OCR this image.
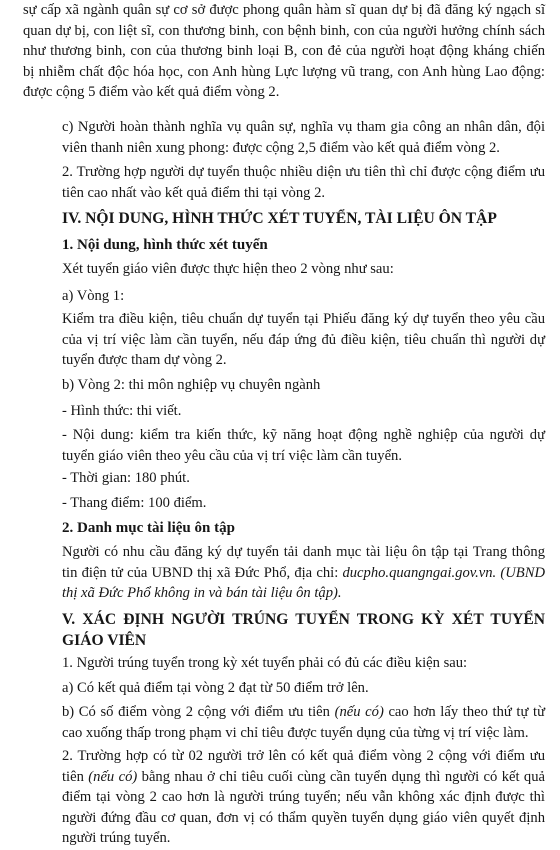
sự cấp xã ngành quân sự cơ sở được phong quân hàm sĩ quan dự bị đã đăng ký ngạch sĩ quan dự bị, con liệt sĩ, con thương binh, con bệnh binh, con của người hưởng chính sách như thương binh, con của thương binh loại B, con đẻ của người hoạt động kháng chiến bị nhiễm chất độc hóa học, con Anh hùng Lực lượng vũ trang, con Anh hùng Lao động: được cộng 5 điểm vào kết quả điểm vòng 2.

c) Người hoàn thành nghĩa vụ quân sự, nghĩa vụ tham gia công an nhân dân, đội viên thanh niên xung phong: được cộng 2,5 điểm vào kết quả điểm vòng 2.

2. Trường hợp người dự tuyển thuộc nhiều diện ưu tiên thì chỉ được cộng điểm ưu tiên cao nhất vào kết quả điểm thi tại vòng 2.

IV. NỘI DUNG, HÌNH THỨC XÉT TUYỂN, TÀI LIỆU ÔN TẬP

1. Nội dung, hình thức xét tuyển

Xét tuyển giáo viên được thực hiện theo 2 vòng như sau:

a) Vòng 1:

Kiểm tra điều kiện, tiêu chuẩn dự tuyển tại Phiếu đăng ký dự tuyển theo yêu cầu của vị trí việc làm cần tuyển, nếu đáp ứng đủ điều kiện, tiêu chuẩn thì người dự tuyển được tham dự vòng 2.

b) Vòng 2: thi môn nghiệp vụ chuyên ngành

- Hình thức: thi viết.

- Nội dung: kiểm tra kiến thức, kỹ năng hoạt động nghề nghiệp của người dự tuyển giáo viên theo yêu cầu của vị trí việc làm cần tuyển.

- Thời gian: 180 phút.

- Thang điểm: 100 điểm.

2. Danh mục tài liệu ôn tập

Người có nhu cầu đăng ký dự tuyển tải danh mục tài liệu ôn tập tại Trang thông tin điện tử của UBND thị xã Đức Phổ, địa chỉ: ducpho.quangngai.gov.vn. (UBND thị xã Đức Phổ không in và bán tài liệu ôn tập).

V. XÁC ĐỊNH NGƯỜI TRÚNG TUYỂN TRONG KỲ XÉT TUYỂN GIÁO VIÊN

1. Người trúng tuyển trong kỳ xét tuyển phải có đủ các điều kiện sau:

a) Có kết quả điểm tại vòng 2 đạt từ 50 điểm trở lên.

b) Có số điểm vòng 2 cộng với điểm ưu tiên (nếu có) cao hơn lấy theo thứ tự từ cao xuống thấp trong phạm vi chỉ tiêu được tuyển dụng của từng vị trí việc làm.

2. Trường hợp có từ 02 người trở lên có kết quả điểm vòng 2 cộng với điểm ưu tiên (nếu có) bằng nhau ở chỉ tiêu cuối cùng cần tuyển dụng thì người có kết quả điểm tại vòng 2 cao hơn là người trúng tuyển; nếu vẫn không xác định được thì người đứng đầu cơ quan, đơn vị có thẩm quyền tuyển dụng giáo viên quyết định người trúng tuyển.
